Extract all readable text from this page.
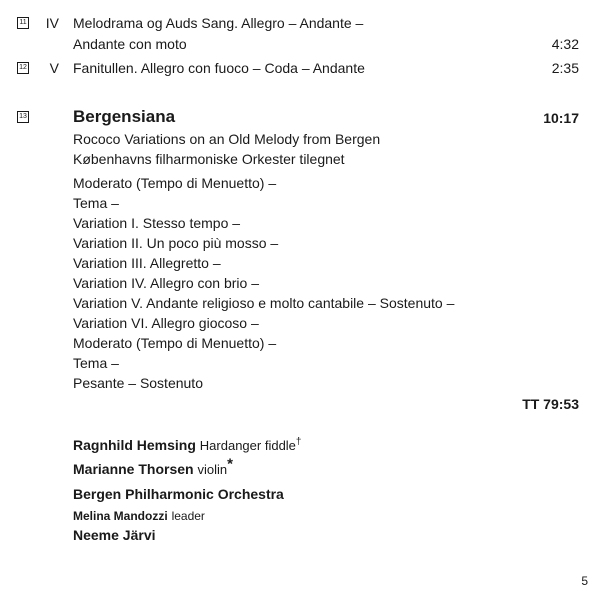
11	IV Melodrama og Auds Sang. Allegro – Andante –
Andante con moto	4:32
12	V Fanitullen. Allegro con fuoco – Coda – Andante	2:35
13	Bergensiana	10:17
Rococo Variations on an Old Melody from Bergen
Københavns filharmoniske Orkester tilegnet
Moderato (Tempo di Menuetto) –
Tema –
Variation I. Stesso tempo –
Variation II. Un poco più mosso –
Variation III. Allegretto –
Variation IV. Allegro con brio –
Variation V. Andante religioso e molto cantabile – Sostenuto –
Variation VI. Allegro giocoso –
Moderato (Tempo di Menuetto) –
Tema –
Pesante – Sostenuto
TT 79:53
Ragnhild Hemsing Hardanger fiddle†
Marianne Thorsen violin*
Bergen Philharmonic Orchestra
Melina Mandozzi leader
Neeme Järvi
5
